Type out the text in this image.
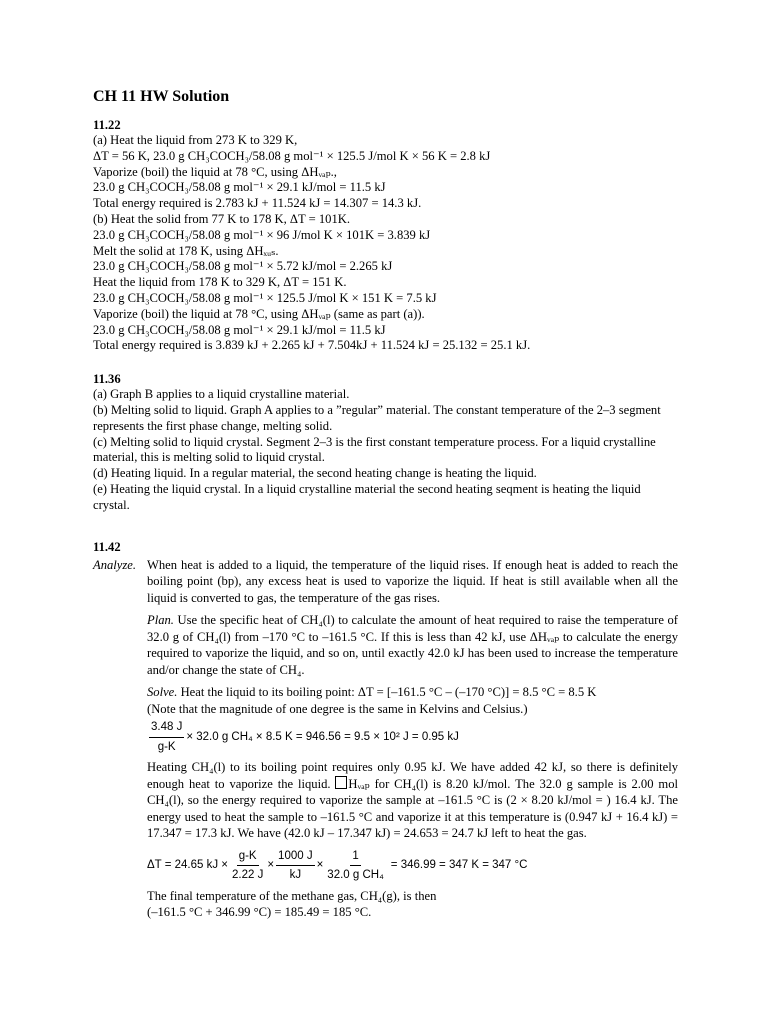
CH 11 HW Solution
11.22
(a) Heat the liquid from 273 K to 329 K,
ΔT = 56 K, 23.0 g CH₃COCH₃/58.08 g mol⁻¹ × 125.5 J/mol K × 56 K = 2.8 kJ
Vaporize (boil) the liquid at 78 °C, using ΔHᵥₐₚ.,
23.0 g CH₃COCH₃/58.08 g mol⁻¹ × 29.1 kJ/mol = 11.5 kJ
Total energy required is 2.783 kJ + 11.524 kJ = 14.307 = 14.3 kJ.
(b) Heat the solid from 77 K to 178 K, ΔT = 101K.
23.0 g CH₃COCH₃/58.08 g mol⁻¹ × 96 J/mol K × 101K = 3.839 kJ
Melt the solid at 178 K, using ΔHₓᵤₛ.
23.0 g CH₃COCH₃/58.08 g mol⁻¹ × 5.72 kJ/mol = 2.265 kJ
Heat the liquid from 178 K to 329 K, ΔT = 151 K.
23.0 g CH₃COCH₃/58.08 g mol⁻¹ × 125.5 J/mol K × 151 K = 7.5 kJ
Vaporize (boil) the liquid at 78 °C, using ΔHᵥₐₚ (same as part (a)).
23.0 g CH₃COCH₃/58.08 g mol⁻¹ × 29.1 kJ/mol = 11.5 kJ
Total energy required is 3.839 kJ + 2.265 kJ + 7.504kJ + 11.524 kJ = 25.132 = 25.1 kJ.
11.36
(a) Graph B applies to a liquid crystalline material.
(b) Melting solid to liquid. Graph A applies to a ”regular” material. The constant temperature of the 2–3 segment represents the first phase change, melting solid.
(c) Melting solid to liquid crystal. Segment 2–3 is the first constant temperature process. For a liquid crystalline material, this is melting solid to liquid crystal.
(d) Heating liquid. In a regular material, the second heating change is heating the liquid.
(e) Heating the liquid crystal. In a liquid crystalline material the second heating seqment is heating the liquid crystal.
11.42
Analyze. When heat is added to a liquid, the temperature of the liquid rises. If enough heat is added to reach the boiling point (bp), any excess heat is used to vaporize the liquid. If heat is still available when all the liquid is converted to gas, the temperature of the gas rises.
Plan. Use the specific heat of CH₄(l) to calculate the amount of heat required to raise the temperature of 32.0 g of CH₄(l) from –170 °C to –161.5 °C. If this is less than 42 kJ, use ΔHᵥₐₚ to calculate the energy required to vaporize the liquid, and so on, until exactly 42.0 kJ has been used to increase the temperature and/or change the state of CH₄.
Solve. Heat the liquid to its boiling point: ΔT = [–161.5 °C – (–170 °C)] = 8.5 °C = 8.5 K
(Note that the magnitude of one degree is the same in Kelvins and Celsius.)
$\frac{3.48 J}{g-K} \times 32.0$ g CH₄ × 8.5 K = 946.56 = 9.5 × 10² J = 0.95 kJ
Heating CH₄(l) to its boiling point requires only 0.95 kJ. We have added 42 kJ, so there is definitely enough heat to vaporize the liquid. Hᵥₐₚ for CH₄(l) is 8.20 kJ/mol. The 32.0 g sample is 2.00 mol CH₄(l), so the energy required to vaporize the sample at –161.5 °C is (2 × 8.20 kJ/mol = ) 16.4 kJ. The energy used to heat the sample to –161.5 °C and vaporize it at this temperature is (0.947 kJ + 16.4 kJ) = 17.347 = 17.3 kJ. We have (42.0 kJ – 17.347 kJ) = 24.653 = 24.7 kJ left to heat the gas.
ΔT = 24.65 kJ × $\frac{g-K}{2.22 J} \times \frac{1000 J}{kJ} \times \frac{1}{\text{32.0 g CH₄}} = 346.99 = 347$ K = 347 °C
The final temperature of the methane gas, CH₄(g), is then
(–161.5 °C + 346.99 °C) = 185.49 = 185 °C.
